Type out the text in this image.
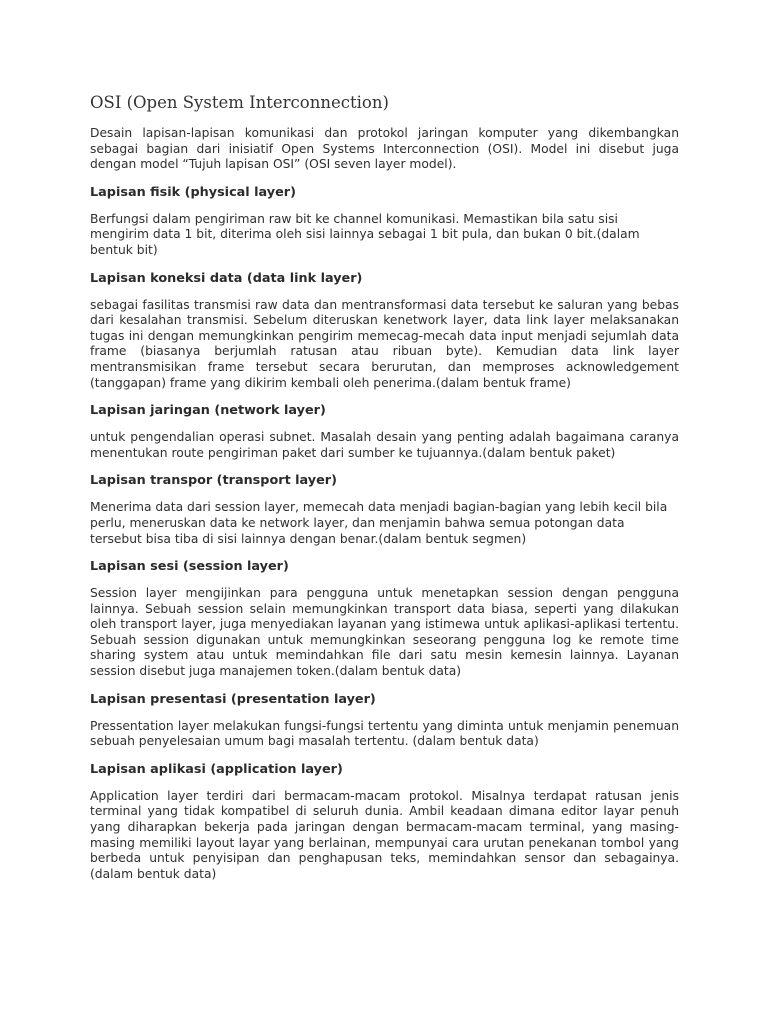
OSI (Open System Interconnection)

Desain lapisan-lapisan komunikasi dan protokol jaringan komputer yang dikembangkan sebagai bagian dari inisiatif Open Systems Interconnection (OSI). Model ini disebut juga dengan model “Tujuh lapisan OSI” (OSI seven layer model).

Lapisan fisik (physical layer)

Berfungsi dalam pengiriman raw bit ke channel komunikasi. Memastikan bila satu sisi mengirim data 1 bit, diterima oleh sisi lainnya sebagai 1 bit pula, dan bukan 0 bit.(dalam bentuk bit)

Lapisan koneksi data (data link layer)

sebagai fasilitas transmisi raw data dan mentransformasi data tersebut ke saluran yang bebas dari kesalahan transmisi. Sebelum diteruskan kenetwork layer, data link layer melaksanakan tugas ini dengan memungkinkan pengirim memecag-mecah data input menjadi sejumlah data frame (biasanya berjumlah ratusan atau ribuan byte). Kemudian data link layer mentransmisikan frame tersebut secara berurutan, dan memproses acknowledgement (tanggapan) frame yang dikirim kembali oleh penerima.(dalam bentuk frame)

Lapisan jaringan (network layer)

untuk pengendalian operasi subnet. Masalah desain yang penting adalah bagaimana caranya menentukan route pengiriman paket dari sumber ke tujuannya.(dalam bentuk paket)

Lapisan transpor (transport layer)

Menerima data dari session layer, memecah data menjadi bagian-bagian yang lebih kecil bila perlu, meneruskan data ke network layer, dan menjamin bahwa semua potongan data tersebut bisa tiba di sisi lainnya dengan benar.(dalam bentuk segmen)

Lapisan sesi (session layer)

Session layer mengijinkan para pengguna untuk menetapkan session dengan pengguna lainnya. Sebuah session selain memungkinkan transport data biasa, seperti yang dilakukan oleh transport layer, juga menyediakan layanan yang istimewa untuk aplikasi-aplikasi tertentu. Sebuah session digunakan untuk memungkinkan seseorang pengguna log ke remote time sharing system atau untuk memindahkan file dari satu mesin kemesin lainnya. Layanan session disebut juga manajemen token.(dalam bentuk data)

Lapisan presentasi (presentation layer)

Pressentation layer melakukan fungsi-fungsi tertentu yang diminta untuk menjamin penemuan sebuah penyelesaian umum bagi masalah tertentu. (dalam bentuk data)

Lapisan aplikasi (application layer)

Application layer terdiri dari bermacam-macam protokol. Misalnya terdapat ratusan jenis terminal yang tidak kompatibel di seluruh dunia. Ambil keadaan dimana editor layar penuh yang diharapkan bekerja pada jaringan dengan bermacam-macam terminal, yang masing-masing memiliki layout layar yang berlainan, mempunyai cara urutan penekanan tombol yang berbeda untuk penyisipan dan penghapusan teks, memindahkan sensor dan sebagainya.(dalam bentuk data)
